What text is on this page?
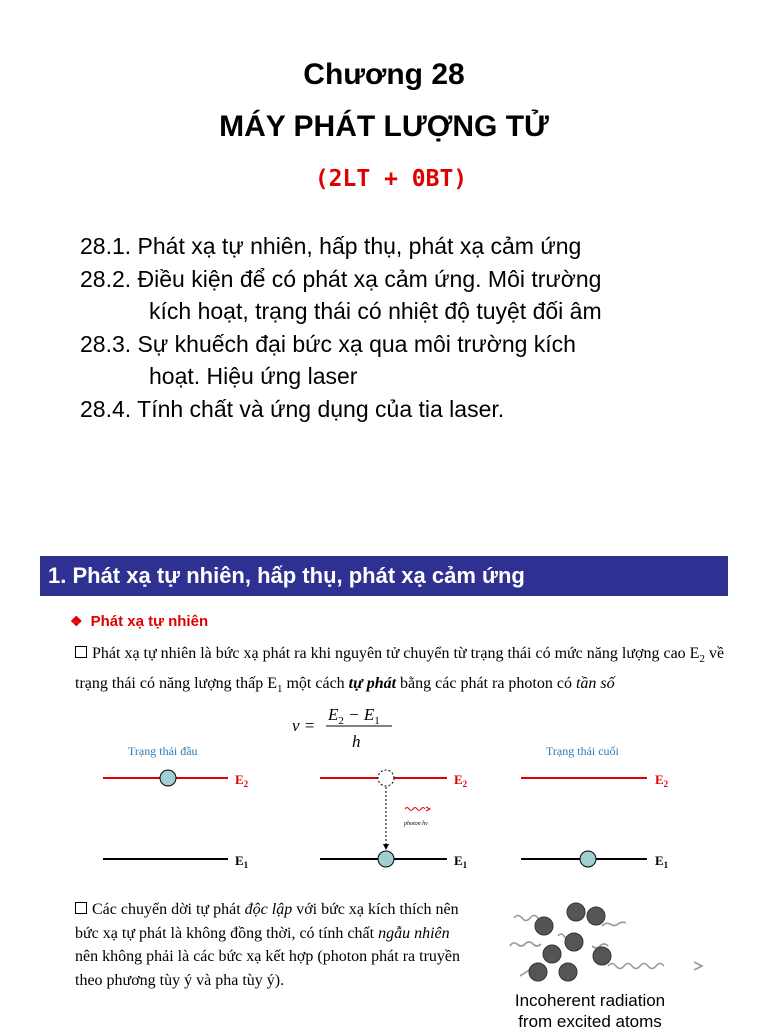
Chương 28
MÁY PHÁT LƯỢNG TỬ
(2LT + 0BT)
28.1. Phát xạ tự nhiên, hấp thụ, phát xạ cảm ứng
28.2. Điều kiện để có phát xạ cảm ứng. Môi trường
kích hoạt, trạng thái có nhiệt độ tuyệt đối âm
28.3. Sự khuếch đại bức xạ qua môi trường kích
hoạt. Hiệu ứng laser
28.4. Tính chất và ứng dụng của tia laser.
1. Phát xạ tự nhiên, hấp thụ, phát xạ cảm ứng
❖ Phát xạ tự nhiên
Phát xạ tự nhiên là bức xạ phát ra khi nguyên tử chuyển từ trạng thái có mức năng lượng cao $E_2$ về trạng thái có năng lượng thấp $E_1$ một cách tự phát bằng các phát ra photon có tần số
ν =
$E_2 - E_1$
h
Trạng thái đầu	Trạng thái cuối
$E_2$
$E_1$
photon hν
$E_2$
$E_1$
$E_2$
$E_1$
Các chuyển dời tự phát độc lập với bức xạ kích thích nên bức xạ tự phát là không đồng thời, có tính chất ngẫu nhiên nên không phải là các bức xạ kết hợp (photon phát ra truyền theo phương tùy ý và pha tùy ý).
Incoherent radiation
from excited atoms
